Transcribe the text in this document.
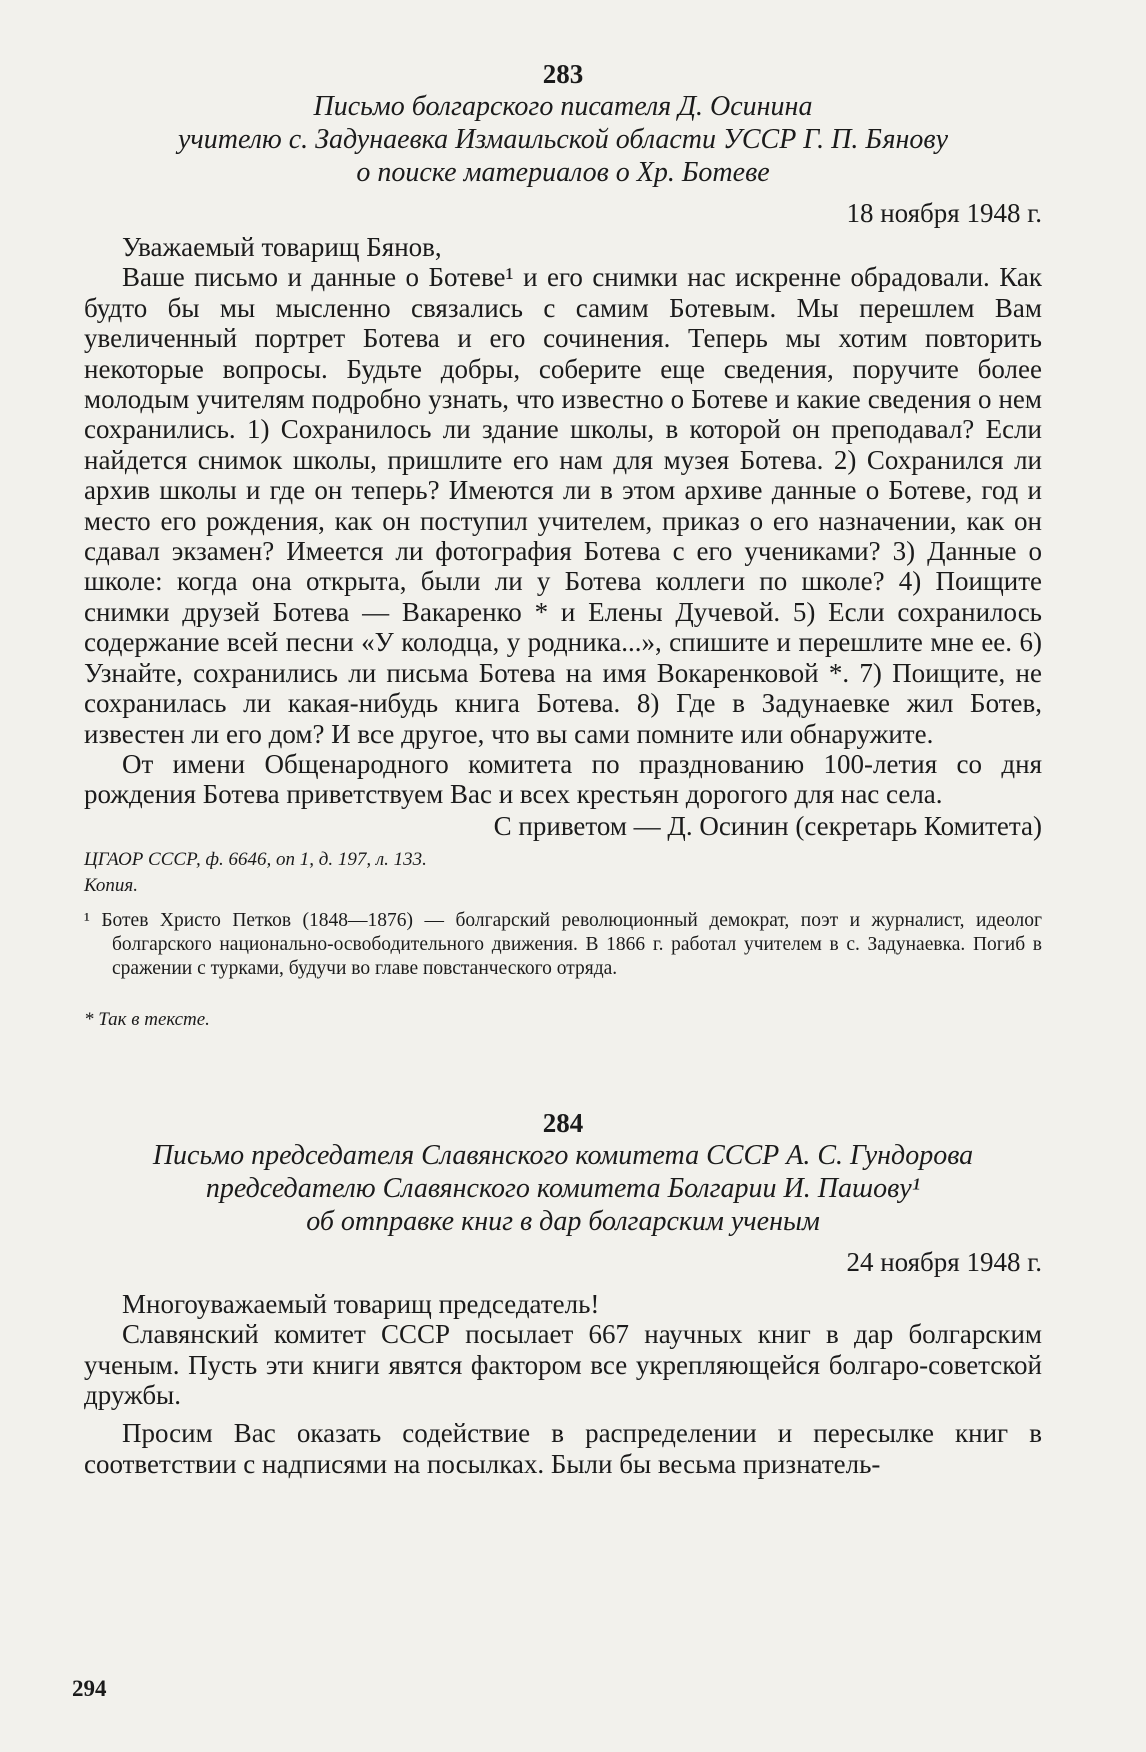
283

Письмо болгарского писателя Д. Осинина

учителю с. Задунаевка Измаильской области УССР Г. П. Бянову

о поиске материалов о Хр. Ботеве

18 ноября 1948 г.

Уважаемый товарищ Бянов,

Ваше письмо и данные о Ботеве¹ и его снимки нас искренне обрадовали. Как будто бы мы мысленно связались с самим Ботевым. Мы перешлем Вам увеличенный портрет Ботева и его сочинения. Теперь мы хотим повторить некоторые вопросы. Будьте добры, соберите еще сведения, поручите более молодым учителям подробно узнать, что известно о Ботеве и какие сведения о нем сохранились. 1) Сохранилось ли здание школы, в которой он преподавал? Если найдется снимок школы, пришлите его нам для музея Ботева. 2) Сохранился ли архив школы и где он теперь? Имеются ли в этом архиве данные о Ботеве, год и место его рождения, как он поступил учителем, приказ о его назначении, как он сдавал экзамен? Имеется ли фотография Ботева с его учениками? 3) Данные о школе: когда она открыта, были ли у Ботева коллеги по школе? 4) Поищите снимки друзей Ботева — Вакаренко * и Елены Дучевой. 5) Если сохранилось содержание всей песни «У колодца, у родника...», спишите и перешлите мне ее. 6) Узнайте, сохранились ли письма Ботева на имя Вокаренковой *. 7) Поищите, не сохранилась ли какая-нибудь книга Ботева. 8) Где в Задунаевке жил Ботев, известен ли его дом? И все другое, что вы сами помните или обнаружите.

От имени Общенародного комитета по празднованию 100-летия со дня рождения Ботева приветствуем Вас и всех крестьян дорогого для нас села.

С приветом — Д. Осинин (секретарь Комитета)

ЦГАОР СССР, ф. 6646, оп 1, д. 197, л. 133.

Копия.

¹ Ботев Христо Петков (1848—1876) — болгарский революционный демократ, поэт и журналист, идеолог болгарского национально-освободительного движения. В 1866 г. работал учителем в с. Задунаевка. Погиб в сражении с турками, будучи во главе повстанческого отряда.

* Так в тексте.

284

Письмо председателя Славянского комитета СССР А. С. Гундорова

председателю Славянского комитета Болгарии И. Пашову¹

об отправке книг в дар болгарским ученым

24 ноября 1948 г.

Многоуважаемый товарищ председатель!

Славянский комитет СССР посылает 667 научных книг в дар болгарским ученым. Пусть эти книги явятся фактором все укрепляющейся болгаро-советской дружбы.

Просим Вас оказать содействие в распределении и пересылке книг в соответствии с надписями на посылках. Были бы весьма признатель-

294
